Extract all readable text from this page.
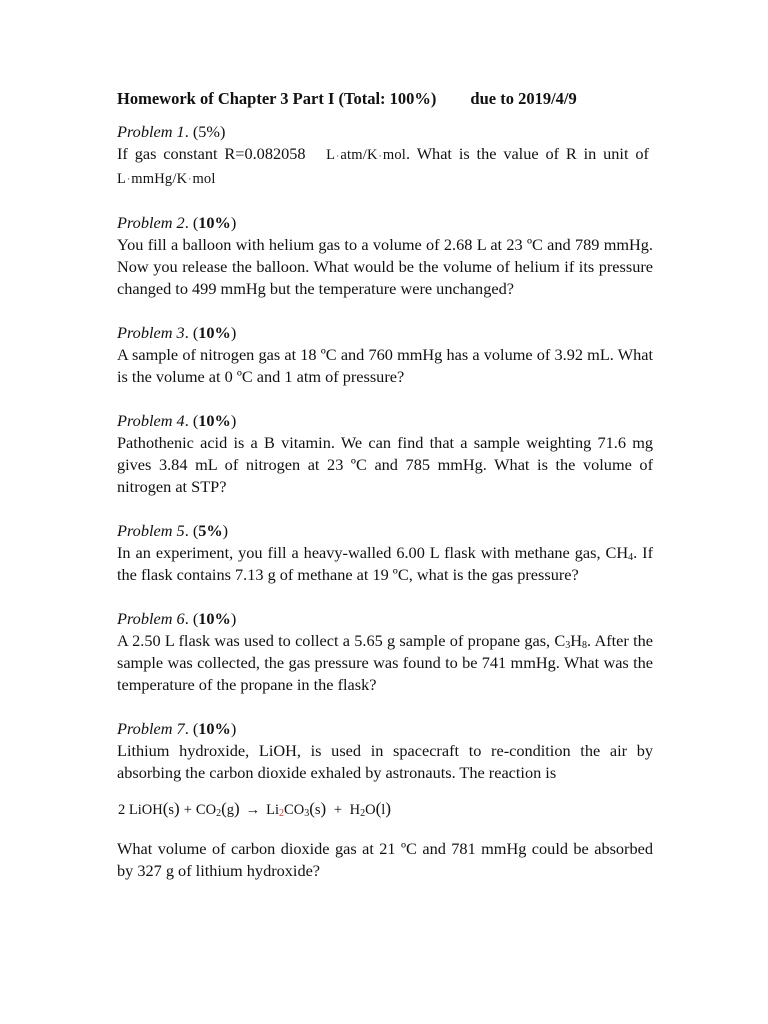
Homework of Chapter 3 Part I (Total: 100%) due to 2019/4/9
Problem 1. (5%)
If gas constant R=0.082058 L·atm/K·mol. What is the value of R in unit of  L·mmHg/K·mol
Problem 2. (10%)
You fill a balloon with helium gas to a volume of 2.68 L at 23 ºC and 789 mmHg. Now you release the balloon. What would be the volume of helium if its pressure changed to 499 mmHg but the temperature were unchanged?
Problem 3. (10%)
A sample of nitrogen gas at 18 ºC and 760 mmHg has a volume of 3.92 mL. What is the volume at 0 ºC and 1 atm of pressure?
Problem 4. (10%)
Pathothenic acid is a B vitamin. We can find that a sample weighting 71.6 mg gives 3.84 mL of nitrogen at 23 ºC and 785 mmHg. What is the volume of nitrogen at STP?
Problem 5. (5%)
In an experiment, you fill a heavy-walled 6.00 L flask with methane gas, $CH_4$. If the flask contains 7.13 g of methane at 19 ºC, what is the gas pressure?
Problem 6. (10%)
A 2.50 L flask was used to collect a 5.65 g sample of propane gas, $C_3H_8$. After the sample was collected, the gas pressure was found to be 741 mmHg. What was the temperature of the propane in the flask?
Problem 7. (10%)
Lithium hydroxide, LiOH, is used in spacecraft to re-condition the air by absorbing the carbon dioxide exhaled by astronauts. The reaction is
2 LiOH(s) + $CO_2(g) \to Li_2CO_3(s) + H_2O(l)$
What volume of carbon dioxide gas at 21 ºC and 781 mmHg could be absorbed by 327 g of lithium hydroxide?
